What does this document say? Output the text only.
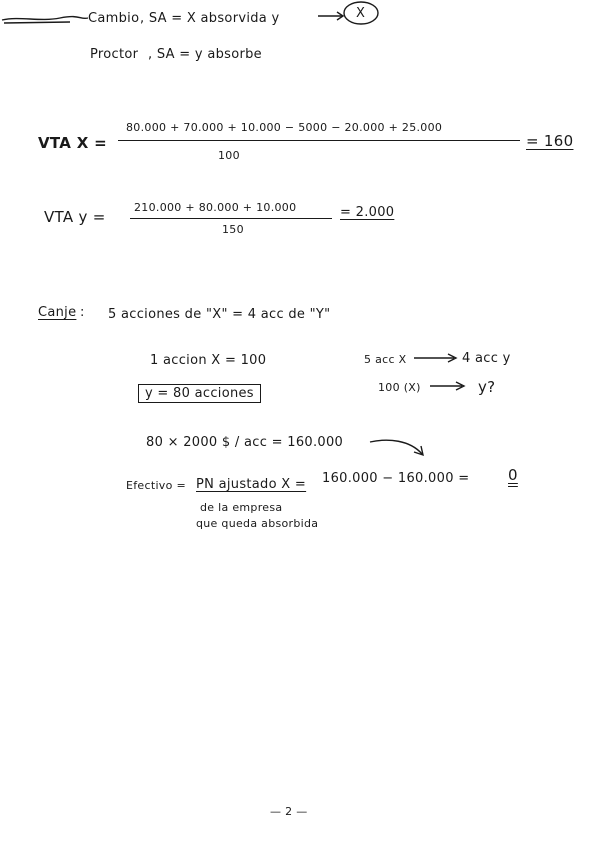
Cambio , SA = X absorvida y	X
Proctor , SA = y absorbe
VTA X =
80.000 + 70.000 + 10.000 − 5000 − 20.000 + 25.000
100
= 160
VTA y =
210.000 + 80.000 + 10.000
150
= 2.000
Canje : 5 acciones de "X" = 4 acc de "Y"
1 accion X = 100
y = 80 acciones
5 acc X	4 acc y
100 (X)	y?
80 × 2000 $ / acc = 160.000
Efectivo = PN ajustado X =
de la empresa
que queda absorbida
160.000 − 160.000 =	0
— 2 —
